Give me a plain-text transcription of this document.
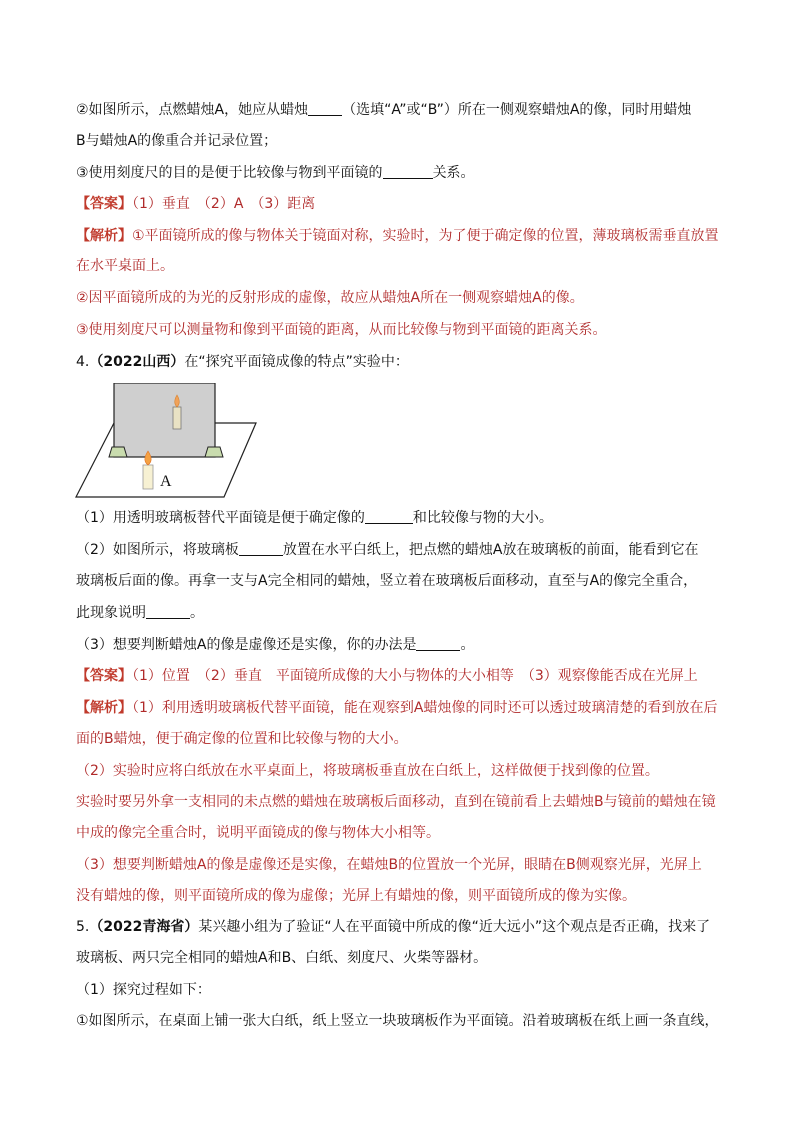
②如图所示，点燃蜡烛A，她应从蜡烛 （选填“A”或“B”）所在一侧观察蜡烛A的像，同时用蜡烛
B与蜡烛A的像重合并记录位置；
③使用刻度尺的目的是便于比较像与物到平面镜的	关系。
【答案】（1）垂直　（2）A　（3）距离
【解析】①平面镜所成的像与物体关于镜面对称，实验时，为了便于确定像的位置，薄玻璃板需垂直放置
在水平桌面上。
②因平面镜所成的为光的反射形成的虚像，故应从蜡烛A所在一侧观察蜡烛A的像。
③使用刻度尺可以测量物和像到平面镜的距离，从而比较像与物到平面镜的距离关系。
4.（2022山西）在“探究平面镜成像的特点”实验中：
A
（1）用透明玻璃板替代平面镜是便于确定像的	和比较像与物的大小。
（2）如图所示，将玻璃板	放置在水平白纸上，把点燃的蜡烛A放在玻璃板的前面，能看到它在
玻璃板后面的像。再拿一支与A完全相同的蜡烛，竖立着在玻璃板后面移动，直至与A的像完全重合，
此现象说明	。
（3）想要判断蜡烛A的像是虚像还是实像，你的办法是	。
【答案】（1）位置　（2）垂直　平面镜所成像的大小与物体的大小相等　（3）观察像能否成在光屏上
【解析】（1）利用透明玻璃板代替平面镜，能在观察到A蜡烛像的同时还可以透过玻璃清楚的看到放在后
面的B蜡烛，便于确定像的位置和比较像与物的大小。
（2）实验时应将白纸放在水平桌面上，将玻璃板垂直放在白纸上，这样做便于找到像的位置。
实验时要另外拿一支相同的未点燃的蜡烛在玻璃板后面移动，直到在镜前看上去蜡烛B与镜前的蜡烛在镜
中成的像完全重合时，说明平面镜成的像与物体大小相等。
（3）想要判断蜡烛A的像是虚像还是实像，在蜡烛B的位置放一个光屏，眼睛在B侧观察光屏，光屏上
没有蜡烛的像，则平面镜所成的像为虚像；光屏上有蜡烛的像，则平面镜所成的像为实像。
5.（2022青海省）某兴趣小组为了验证“人在平面镜中所成的像“近大远小”这个观点是否正确，找来了
玻璃板、两只完全相同的蜡烛A和B、白纸、刻度尺、火柴等器材。
（1）探究过程如下：
①如图所示，在桌面上铺一张大白纸，纸上竖立一块玻璃板作为平面镜。沿着玻璃板在纸上画一条直线，
